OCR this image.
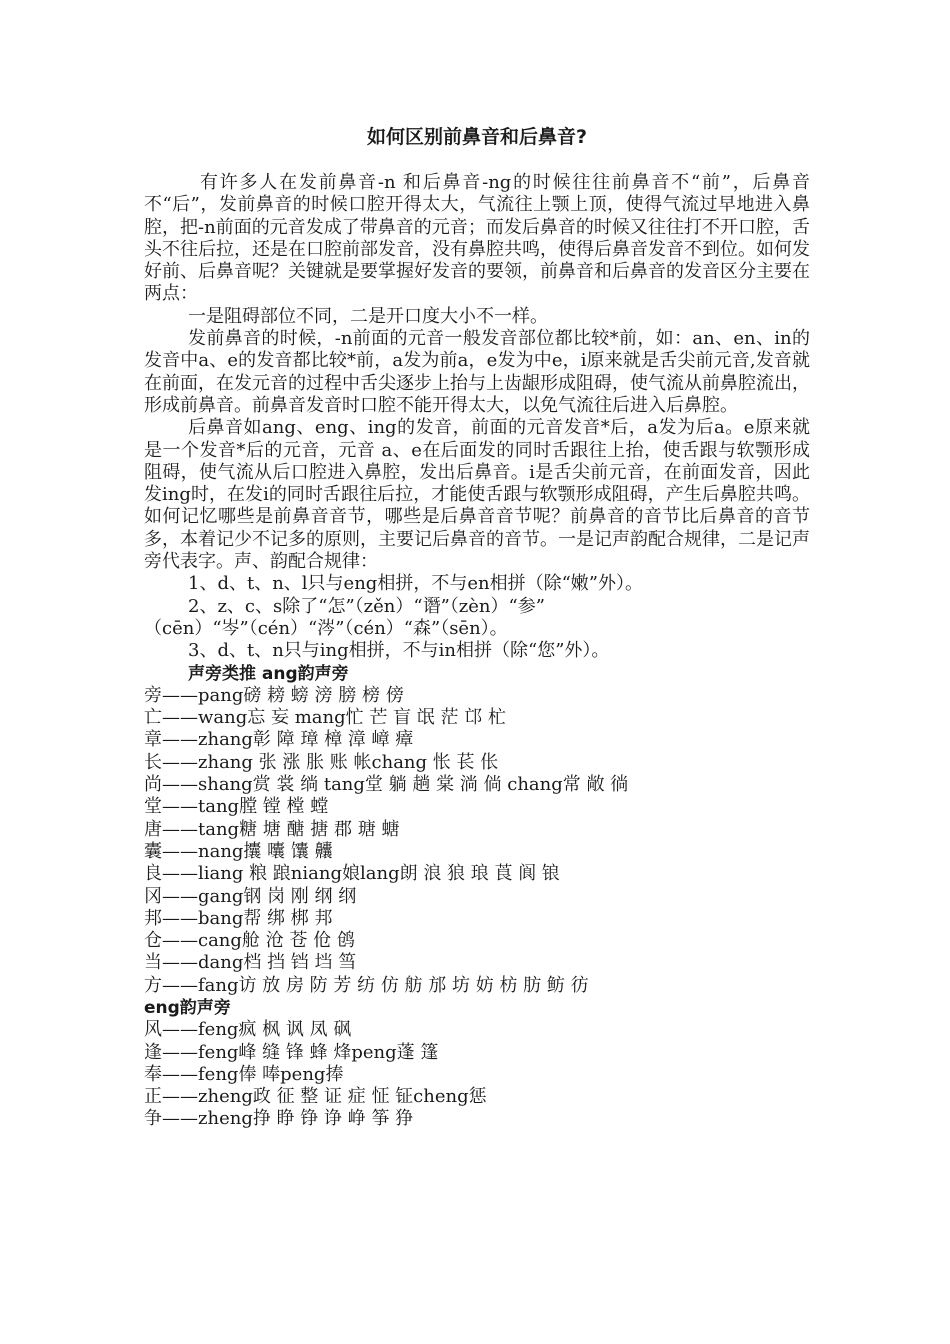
如何区别前鼻音和后鼻音?

有许多人在发前鼻音-n 和后鼻音-ng的时候往往前鼻音不“前”，后鼻音不“后”，发前鼻音的时候口腔开得太大，气流往上颚上顶，使得气流过早地进入鼻腔，把-n前面的元音发成了带鼻音的元音；而发后鼻音的时候又往往打不开口腔，舌头不往后拉，还是在口腔前部发音，没有鼻腔共鸣，使得后鼻音发音不到位。如何发好前、后鼻音呢？关键就是要掌握好发音的要领，前鼻音和后鼻音的发音区分主要在两点：

一是阻碍部位不同，二是开口度大小不一样。

发前鼻音的时候，-n前面的元音一般发音部位都比较*前，如：an、en、in的发音中a、e的发音都比较*前，a发为前a，e发为中e，i原来就是舌尖前元音,发音就在前面，在发元音的过程中舌尖逐步上抬与上齿龈形成阻碍，使气流从前鼻腔流出，形成前鼻音。前鼻音发音时口腔不能开得太大，以免气流往后进入后鼻腔。

后鼻音如ang、eng、ing的发音，前面的元音发音*后，a发为后a。e原来就是一个发音*后的元音，元音 a、e在后面发的同时舌跟往上抬，使舌跟与软颚形成阻碍，使气流从后口腔进入鼻腔，发出后鼻音。i是舌尖前元音，在前面发音，因此发ing时，在发i的同时舌跟往后拉，才能使舌跟与软颚形成阻碍，产生后鼻腔共鸣。如何记忆哪些是前鼻音音节，哪些是后鼻音音节呢？前鼻音的音节比后鼻音的音节多，本着记少不记多的原则，主要记后鼻音的音节。一是记声韵配合规律，二是记声旁代表字。声、韵配合规律：

1、d、t、n、l只与eng相拼，不与en相拼（除“嫩”外）。

2、z、c、s除了“怎”（zěn）“谮”（zèn）“参”

（cēn）“岑”（cén）“涔”（cén）“森”（sēn）。

3、d、t、n只与ing相拼，不与in相拼（除“您”外）。

声旁类推 ang韵声旁

旁——pang磅 耪 螃 滂 膀 榜 傍

亡——wang忘 妄 mang忙 芒 盲 氓 茫 邙 杧

章——zhang彰 障 璋 樟 漳 嶂 瘴

长——zhang 张 涨 胀 账 帐chang 怅 苌 伥

尚——shang赏 裳 绱 tang堂 躺 趟 棠 淌 倘 chang常 敞 徜

堂——tang膛 镗 樘 螳

唐——tang糖 塘 醣 搪 郡 瑭 螗

囊——nang攮 囔 馕 齉

良——liang 粮 踉niang娘lang朗 浪 狼 琅 莨 阆 锒

冈——gang钢 岗 刚 纲 纲

邦——bang帮 绑 梆 邦

仓——cang舱 沧 苍 伧 鸧

当——dang档 挡 铛 垱 筜

方——fang访 放 房 防 芳 纺 仿 舫 邡 坊 妨 枋 肪 鲂 彷

eng韵声旁

风——feng疯 枫 讽 凤 砜

逢——feng峰 缝 锋 蜂 烽peng蓬 篷

奉——feng俸 唪peng捧

正——zheng政 征 整 证 症 怔 钲cheng惩

争——zheng挣 睁 铮 诤 峥 筝 狰
